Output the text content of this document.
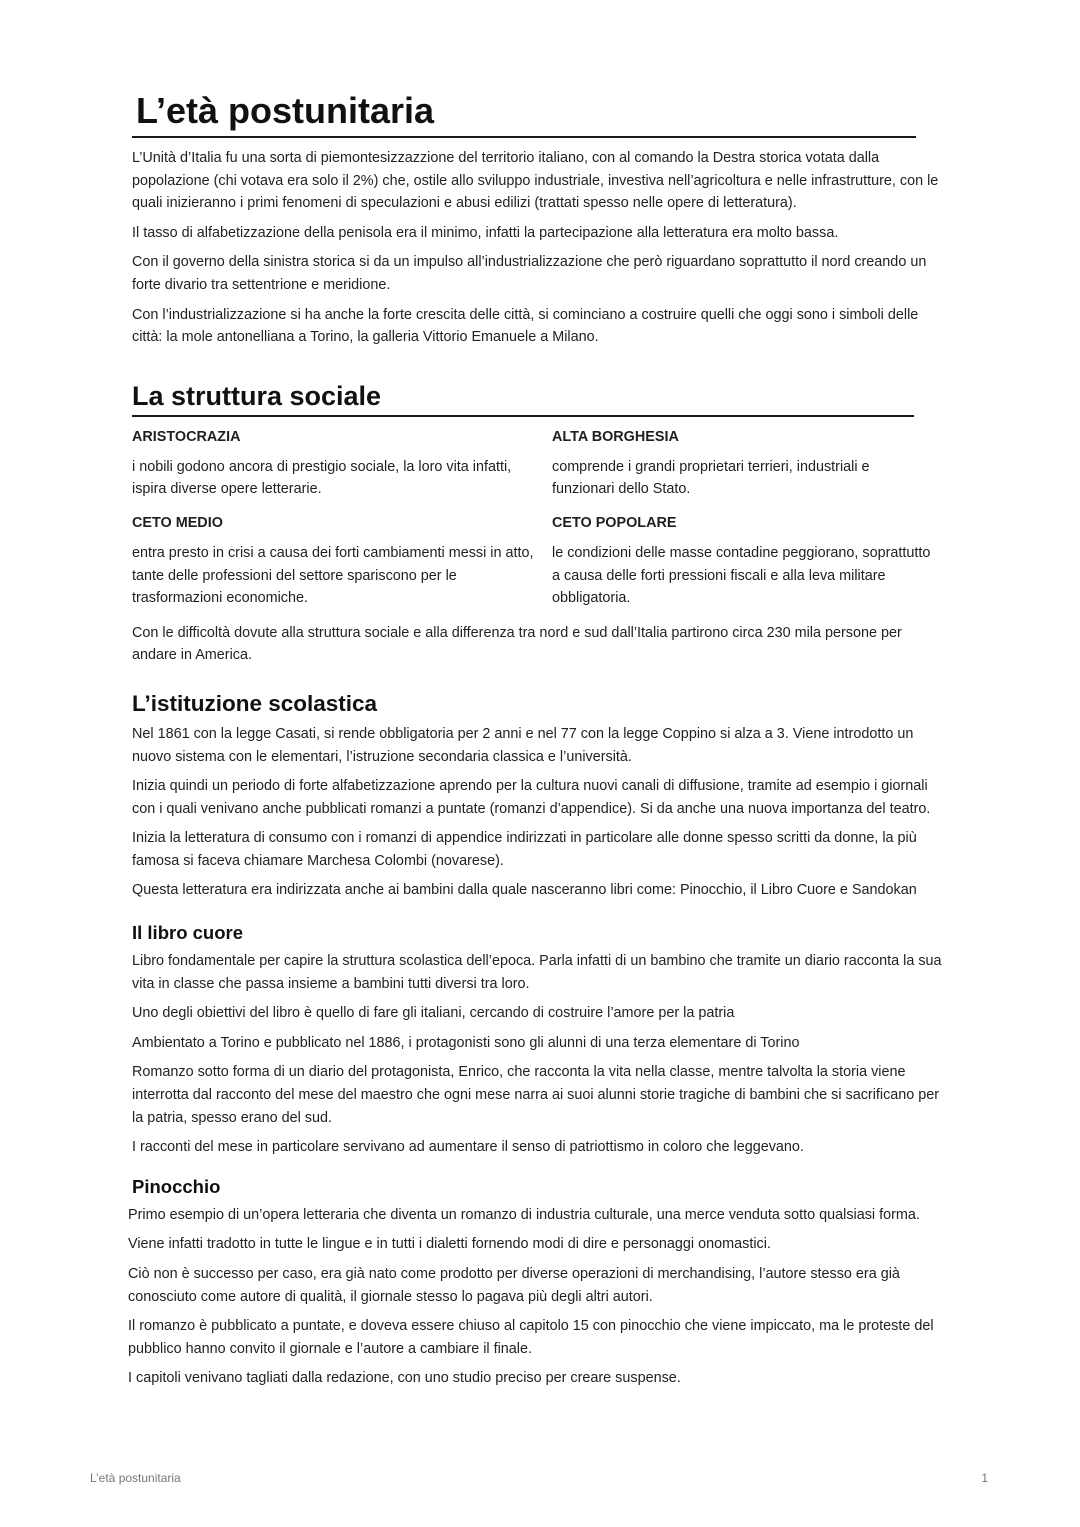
L’età postunitaria

L’Unità d’Italia fu una sorta di piemontesizzazzione del territorio italiano, con al comando la Destra storica votata dalla popolazione (chi votava era solo il 2%) che, ostile allo sviluppo industriale, investiva nell’agricoltura e nelle infrastrutture, con le quali inizieranno i primi fenomeni di speculazioni e abusi edilizi (trattati spesso nelle opere di letteratura).

Il tasso di alfabetizzazione della penisola era il minimo, infatti la partecipazione alla letteratura era molto bassa.

Con il governo della sinistra storica si da un impulso all’industrializzazione che però riguardano soprattutto il nord creando un forte divario tra settentrione e meridione.

Con l’industrializzazione si ha anche la forte crescita delle città, si cominciano a costruire quelli che oggi sono i simboli delle città: la mole antonelliana a Torino, la galleria Vittorio Emanuele a Milano.

La struttura sociale
ARISTOCRAZIA
i nobili godono ancora di prestigio sociale, la loro vita infatti, ispira diverse opere letterarie.
ALTA BORGHESIA
comprende i grandi proprietari terrieri, industriali e funzionari dello Stato.
CETO MEDIO
entra presto in crisi a causa dei forti cambiamenti messi in atto, tante delle professioni del settore spariscono per le trasformazioni economiche.
CETO POPOLARE
le condizioni delle masse contadine peggiorano, soprattutto a causa delle forti pressioni fiscali e alla leva militare obbligatoria.

Con le difficoltà dovute alla struttura sociale e alla differenza tra nord e sud dall’Italia partirono circa 230 mila persone per andare in America.

L’istituzione scolastica

Nel 1861 con la legge Casati, si rende obbligatoria per 2 anni e nel 77 con la legge Coppino si alza a 3. Viene introdotto un nuovo sistema con le elementari, l’istruzione secondaria classica e l’università.

Inizia quindi un periodo di forte alfabetizzazione aprendo per la cultura nuovi canali di diffusione, tramite ad esempio i giornali con i quali venivano anche pubblicati romanzi a puntate (romanzi d’appendice). Si da anche una nuova importanza del teatro.

Inizia la letteratura di consumo con i romanzi di appendice indirizzati in particolare alle donne spesso scritti da donne, la più famosa si faceva chiamare Marchesa Colombi (novarese).

Questa letteratura era indirizzata anche ai bambini dalla quale nasceranno libri come: Pinocchio, il Libro Cuore e Sandokan

Il libro cuore

Libro fondamentale per capire la struttura scolastica dell’epoca. Parla infatti di un bambino che tramite un diario racconta la sua vita in classe che passa insieme a bambini tutti diversi tra loro.

Uno degli obiettivi del libro è quello di fare gli italiani, cercando di costruire l’amore per la patria

Ambientato a Torino e pubblicato nel 1886, i protagonisti sono gli alunni di una terza elementare di Torino

Romanzo sotto forma di un diario del protagonista, Enrico, che racconta la vita nella classe, mentre talvolta la storia viene interrotta dal racconto del mese del maestro che ogni mese narra ai suoi alunni storie tragiche di bambini che si sacrificano per la patria, spesso erano del sud.

I racconti del mese in particolare servivano ad aumentare il senso di patriottismo in coloro che leggevano.

Pinocchio

Primo esempio di un’opera letteraria che diventa un romanzo di industria culturale, una merce venduta sotto qualsiasi forma.

Viene infatti tradotto in tutte le lingue e in tutti i dialetti fornendo modi di dire e personaggi onomastici.

Ciò non è successo per caso, era già nato come prodotto per diverse operazioni di merchandising, l’autore stesso era già conosciuto come autore di qualità, il giornale stesso lo pagava più degli altri autori.

Il romanzo è pubblicato a puntate, e doveva essere chiuso al capitolo 15 con pinocchio che viene impiccato, ma le proteste del pubblico hanno convito il giornale e l’autore a cambiare il finale.

I capitoli venivano tagliati dalla redazione, con uno studio preciso per creare suspense.

L’età postunitaria	1
